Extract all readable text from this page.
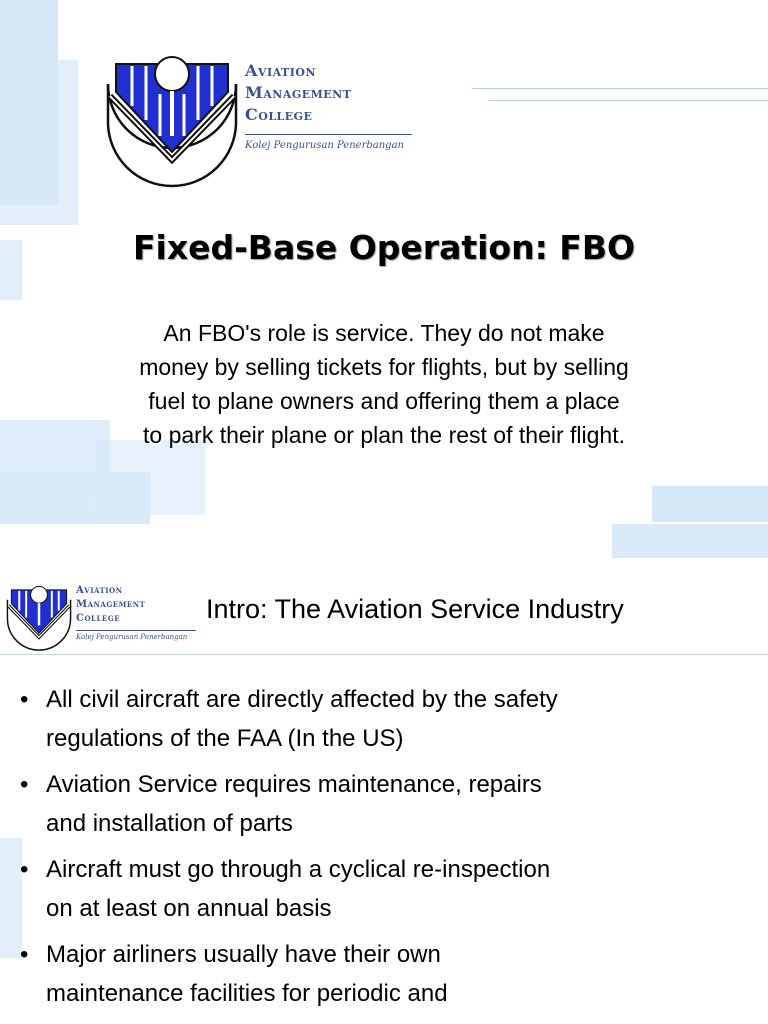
Aviation
Management
College
Kolej Pengurusan Penerbangan
Fixed-Base Operation: FBO
An FBO's role is service. They do not make
money by selling tickets for flights, but by selling
fuel to plane owners and offering them a place
to park their plane or plan the rest of their flight.
Aviation
Management
College
Kolej Pengurusan Penerbangan
Intro: The Aviation Service Industry
• All civil aircraft are directly affected by the safety
regulations of the FAA (In the US)
• Aviation Service requires maintenance, repairs
and installation of parts
• Aircraft must go through a cyclical re-inspection
on at least on annual basis
• Major airliners usually have their own
maintenance facilities for periodic and
